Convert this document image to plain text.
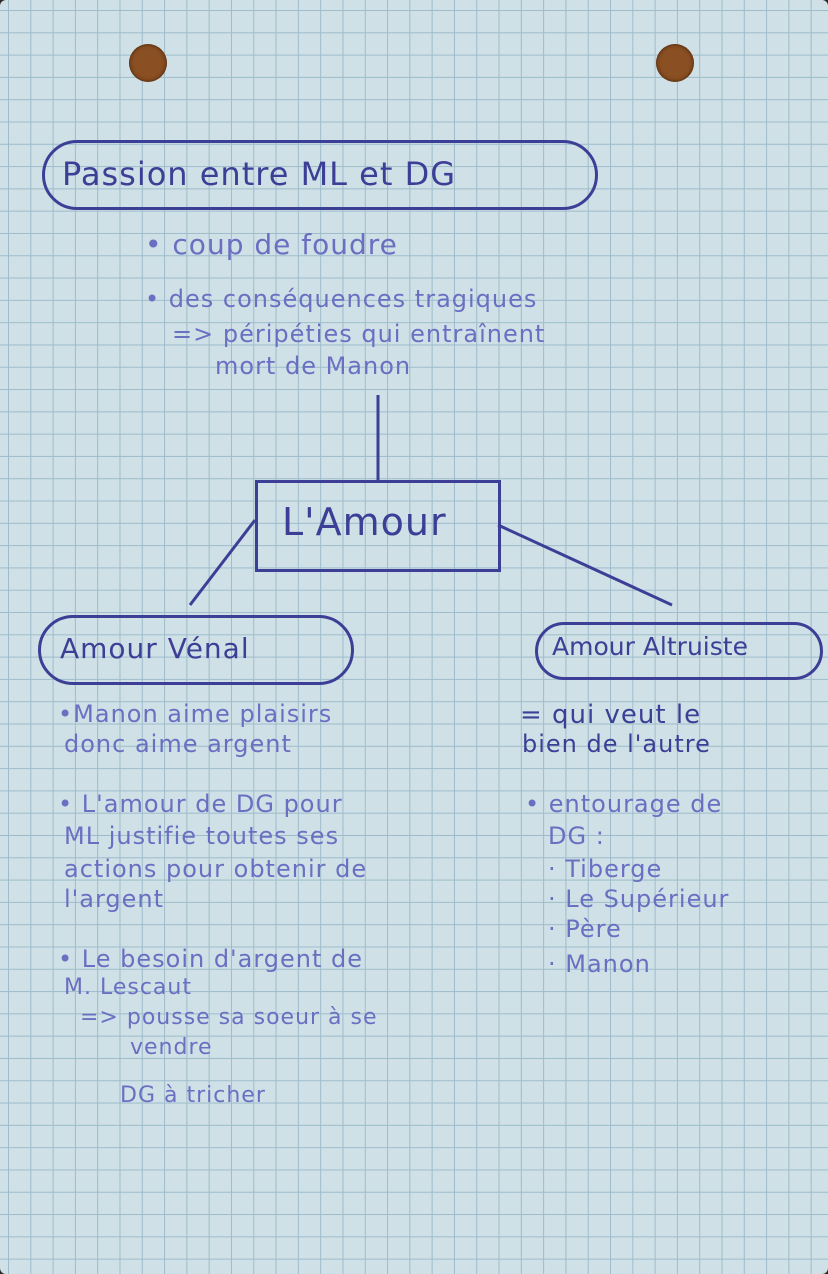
Passion entre ML et DG
• coup de foudre
• des conséquences tragiques
=> péripéties qui entraînent
mort de Manon
L'Amour
Amour Vénal	Amour Altruiste
•Manon aime plaisirs
donc aime argent
• L'amour de DG pour
ML justifie toutes ses
actions pour obtenir de
l'argent
• Le besoin d'argent de
M. Lescaut
=> pousse sa soeur à se
vendre
DG à tricher
= qui veut le
bien de l'autre
• entourage de
DG :
· Tiberge
· Le Supérieur
· Père
· Manon
